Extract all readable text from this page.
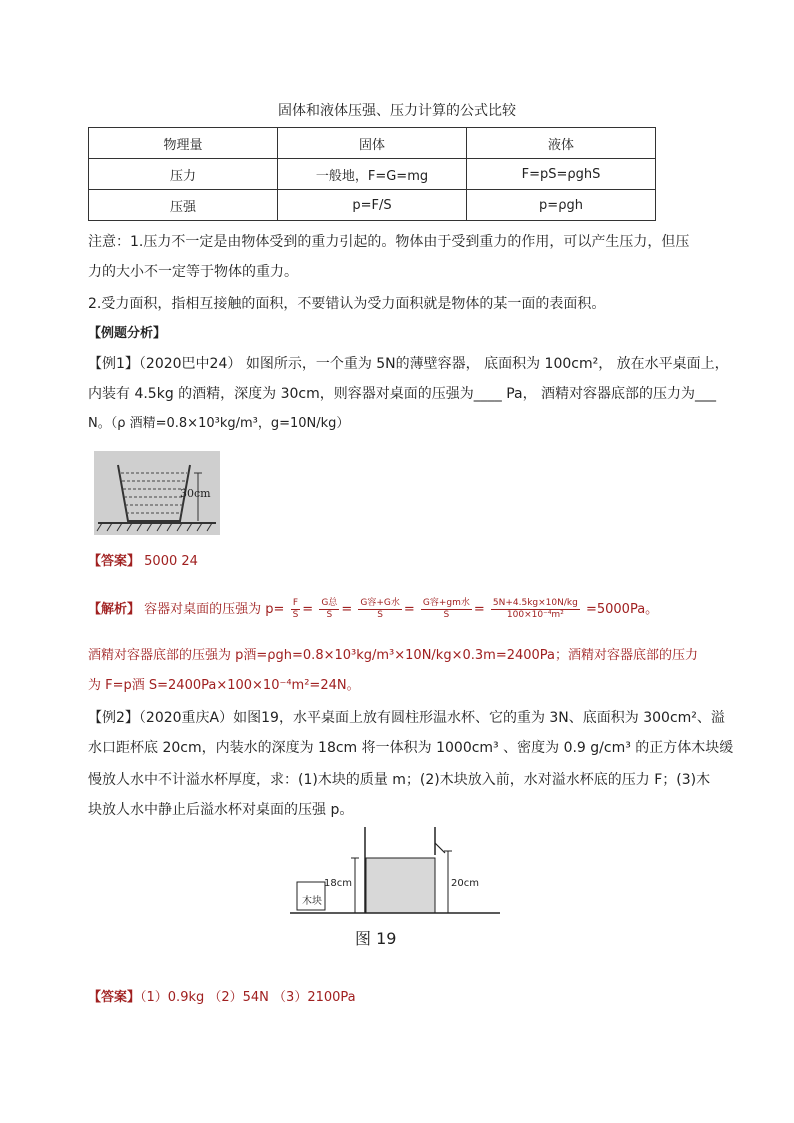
固体和液体压强、压力计算的公式比较
物理量	固体	液体
压力	一般地，F=G=mg	F=pS=ρghS
压强	p=F/S	p=ρgh
注意：1.压力不一定是由物体受到的重力引起的。物体由于受到重力的作用，可以产生压力，但压
力的大小不一定等于物体的重力。
2.受力面积，指相互接触的面积，不要错认为受力面积就是物体的某一面的表面积。
【例题分析】
【例1】（2020巴中24） 如图所示，一个重为 5N的薄壁容器， 底面积为 100cm²， 放在水平桌面上，
内装有 4.5kg 的酒精，深度为 30cm，则容器对桌面的压强为____ Pa， 酒精对容器底部的压力为___
N。（ρ 酒精=0.8×10³kg/m³，g=10N/kg）
30cm
【答案】 5000 24
【解析】 容器对桌面的压强为 $p= \frac{F}{S} = \frac{\text{G总}}{S} = \frac{\text{G容+G水}}{S} = \frac{\text{G容+gm水}}{S} = \frac{5N+4.5kg\times 10N/kg}{\text{100×10⁻⁴m²}} =5000Pa$。
酒精对容器底部的压强为 p酒=ρgh=0.8×10³kg/m³×10N/kg×0.3m=2400Pa；酒精对容器底部的压力
为 F=p酒 S=2400Pa×100×10⁻⁴m²=24N。
【例2】（2020重庆A）如图19，水平桌面上放有圆柱形温水杯、它的重为 3N、底面积为 300cm²、溢
水口距杯底 20cm，内装水的深度为 18cm 将一体积为 1000cm³ 、密度为 0.9 g/cm³ 的正方体木块缓
慢放人水中不计溢水杯厚度，求：(1)木块的质量 m；(2)木块放入前，水对溢水杯底的压力 F；(3)木
块放人水中静止后溢水杯对桌面的压强 p。
木块
18cm	20cm
图 19
【答案】（1）0.9kg （2）54N （3）2100Pa
